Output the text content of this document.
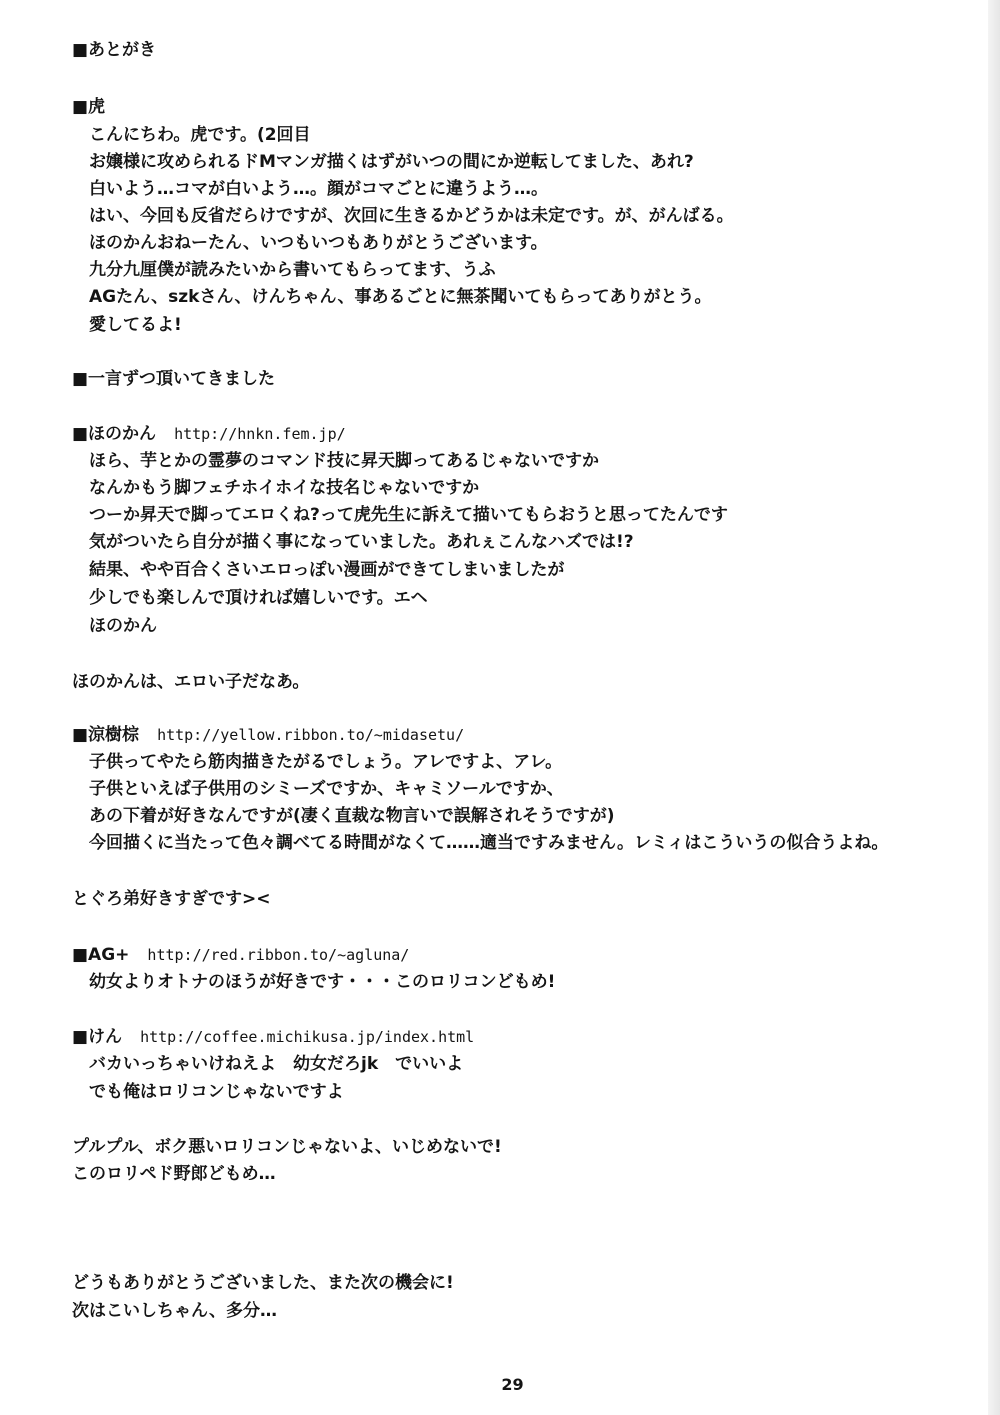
■あとがき
■虎
こんにちわ。虎です。(2回目
お嬢様に攻められるドMマンガ描くはずがいつの間にか逆転してました、あれ?
白いよう…コマが白いよう…。顔がコマごとに違うよう…。
はい、今回も反省だらけですが、次回に生きるかどうかは未定です。が、がんばる。
ほのかんおねーたん、いつもいつもありがとうございます。
九分九厘僕が読みたいから書いてもらってます、うふ
AGたん、szkさん、けんちゃん、事あるごとに無茶聞いてもらってありがとう。
愛してるよ!
■一言ずつ頂いてきました
■ほのかん http://hnkn.fem.jp/
ほら、芋とかの霊夢のコマンド技に昇天脚ってあるじゃないですか
なんかもう脚フェチホイホイな技名じゃないですか
つーか昇天で脚ってエロくね?って虎先生に訴えて描いてもらおうと思ってたんです
気がついたら自分が描く事になっていました。あれぇこんなハズでは!?
結果、やや百合くさいエロっぽい漫画ができてしまいましたが
少しでも楽しんで頂ければ嬉しいです。エヘ
ほのかん
ほのかんは、エロい子だなあ。
■涼樹棕 http://yellow.ribbon.to/~midasetu/
子供ってやたら筋肉描きたがるでしょう。アレですよ、アレ。
子供といえば子供用のシミーズですか、キャミソールですか、
あの下着が好きなんですが(凄く直裁な物言いで誤解されそうですが)
今回描くに当たって色々調べてる時間がなくて……適当ですみません。レミィはこういうの似合うよね。
とぐろ弟好きすぎです><
■AG+ http://red.ribbon.to/~agluna/
幼女よりオトナのほうが好きです・・・このロリコンどもめ!
■けん http://coffee.michikusa.jp/index.html
バカいっちゃいけねえよ　幼女だろjk　でいいよ
でも俺はロリコンじゃないですよ
プルプル、ボク悪いロリコンじゃないよ、いじめないで!
このロリペド野郎どもめ…
どうもありがとうございました、また次の機会に!
次はこいしちゃん、多分…
29
